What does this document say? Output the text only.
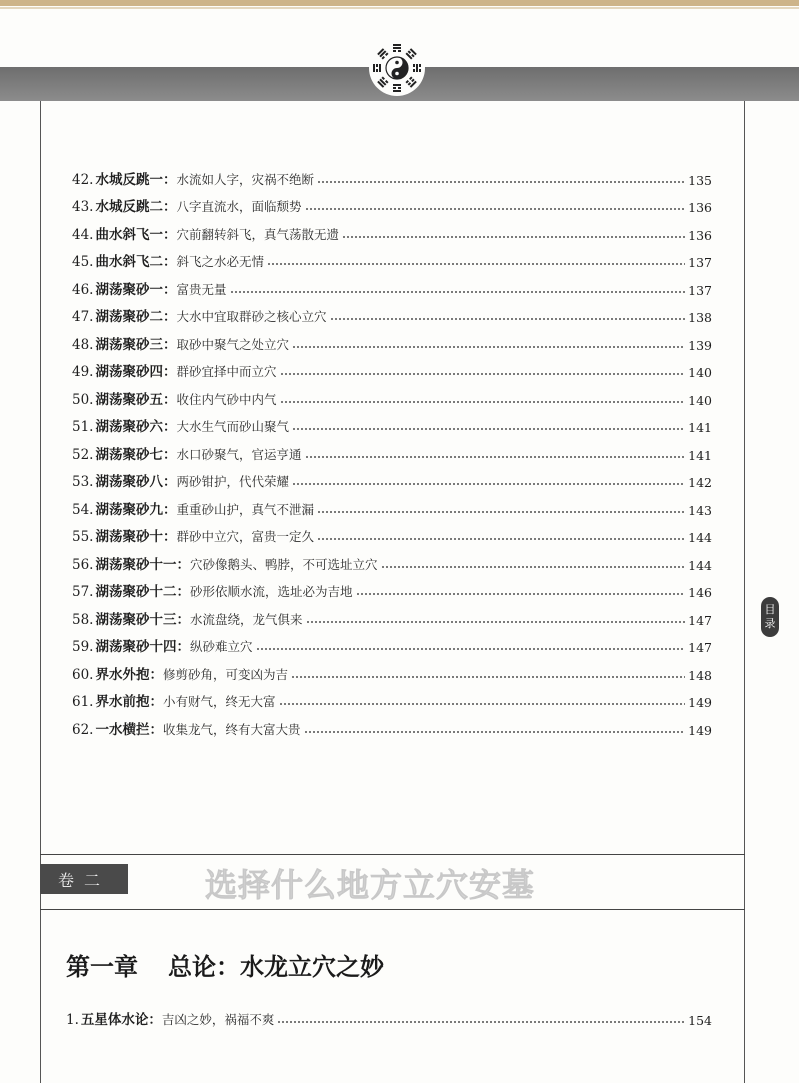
42. 水城反跳一： 水流如人字，灾祸不绝断	135
43. 水城反跳二： 八字直流水，面临颓势	136
44. 曲水斜飞一： 穴前翻转斜飞，真气荡散无遗	136
45. 曲水斜飞二： 斜飞之水必无情	137
46. 湖荡聚砂一： 富贵无量	137
47. 湖荡聚砂二： 大水中宜取群砂之核心立穴	138
48. 湖荡聚砂三： 取砂中聚气之处立穴	139
49. 湖荡聚砂四： 群砂宜择中而立穴	140
50. 湖荡聚砂五： 收住内气砂中内气	140
51. 湖荡聚砂六： 大水生气而砂山聚气	141
52. 湖荡聚砂七： 水口砂聚气，官运亨通	141
53. 湖荡聚砂八： 两砂钳护，代代荣耀	142
54. 湖荡聚砂九： 重重砂山护，真气不泄漏	143
55. 湖荡聚砂十： 群砂中立穴，富贵一定久	144
56. 湖荡聚砂十一： 穴砂像鹅头、鸭脖，不可选址立穴	144
57. 湖荡聚砂十二： 砂形依顺水流，选址必为吉地	146
58. 湖荡聚砂十三： 水流盘绕，龙气俱来	147
59. 湖荡聚砂十四： 纵砂难立穴	147
60. 界水外抱： 修剪砂角，可变凶为吉	148
61. 界水前抱： 小有财气，终无大富	149
62. 一水横拦： 收集龙气，终有大富大贵	149
目
录
卷二	选择什么地方立穴安墓
第一章 总论：水龙立穴之妙
1. 五星体水论： 吉凶之妙，祸福不爽	154
